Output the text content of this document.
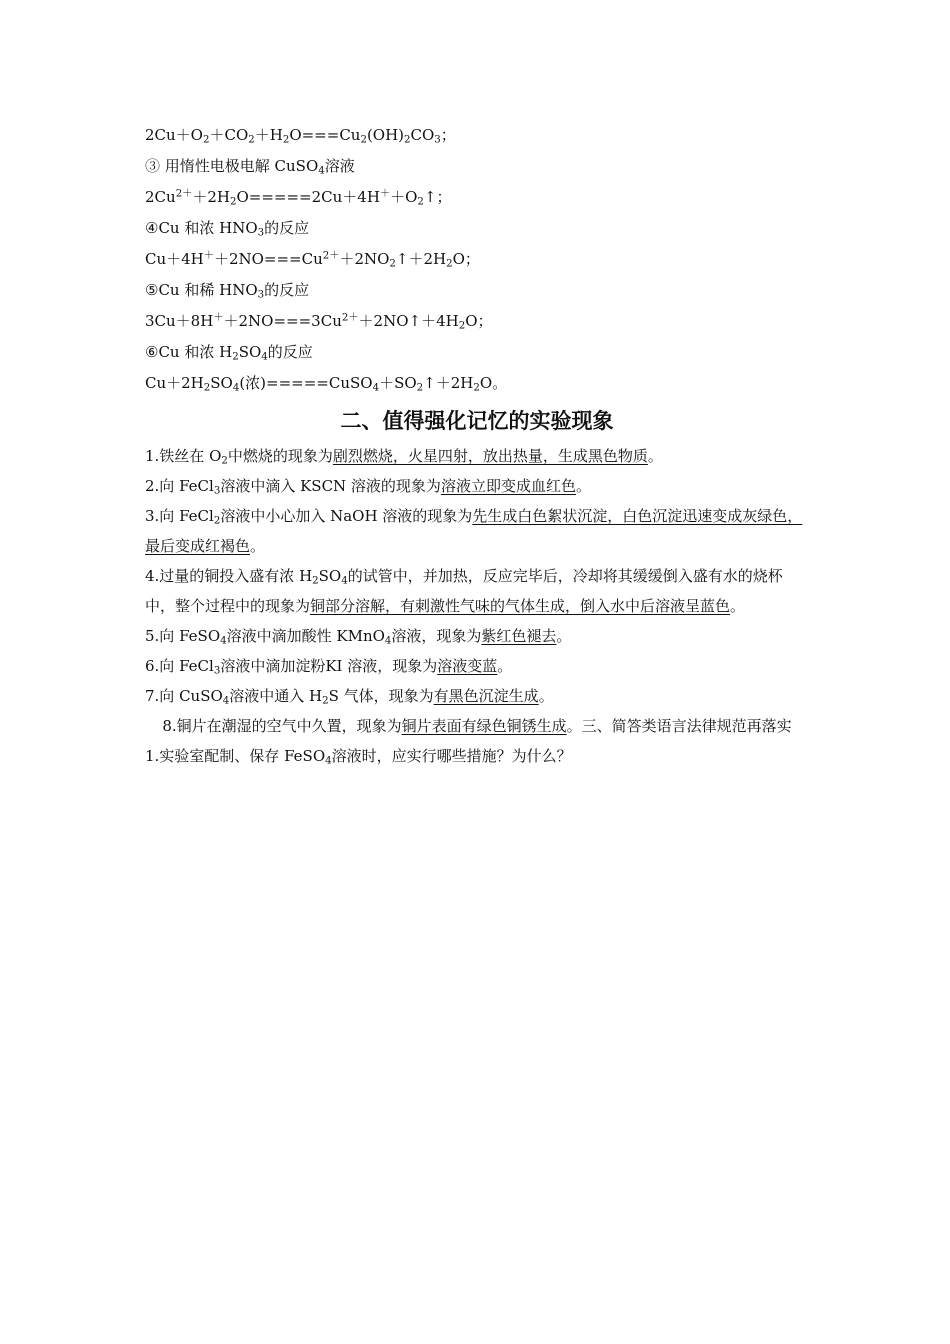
$2Cu+O_2+CO_2+H_2O===Cu_2(OH)_2CO_3$；
③ 用惰性电极电解 CuSO$_4$溶液
$2Cu^{2+}+2H_2O=====2Cu+4H^++O_2↑$；
④Cu 和浓 $HNO_3$的反应
$Cu+4H^++2NO===Cu^{2+}+2NO_2↑+2H_2O$；
⑤Cu 和稀 $HNO_3$的反应
$3Cu+8H^++2NO===3Cu^{2+}+2NO↑+4H_2O$；
⑥Cu 和浓 $H_2SO_4$的反应
$Cu+2H_2SO_4$(浓)$=====CuSO_4+SO_2↑+2H_2O$。
二、值得强化记忆的实验现象
1.铁丝在 $O_2$中燃烧的现象为剧烈燃烧，火星四射，放出热量，生成黑色物质。
2.向 FeCl$_3$溶液中滴入 KSCN 溶液的现象为溶液立即变成血红色。
3.向 FeCl$_2$溶液中小心加入 NaOH 溶液的现象为先生成白色絮状沉淀，白色沉淀迅速变成灰绿色，最后变成红褐色。
4.过量的铜投入盛有浓 $H_2SO_4$的试管中，并加热，反应完毕后，冷却将其缓缓倒入盛有水的烧杯中，整个过程中的现象为铜部分溶解，有刺激性气味的气体生成，倒入水中后溶液呈蓝色。
5.向 FeSO$_4$溶液中滴加酸性 KMnO$_4$溶液，现象为紫红色褪去。
6.向 FeCl$_3$溶液中滴加淀粉KI 溶液，现象为溶液变蓝。
7.向 CuSO$_4$溶液中通入 $H_2S$ 气体，现象为有黑色沉淀生成。
8.铜片在潮湿的空气中久置，现象为铜片表面有绿色铜锈生成。三、简答类语言法律规范再落实
1.实验室配制、保存 FeSO$_4$溶液时，应实行哪些措施？为什么？
